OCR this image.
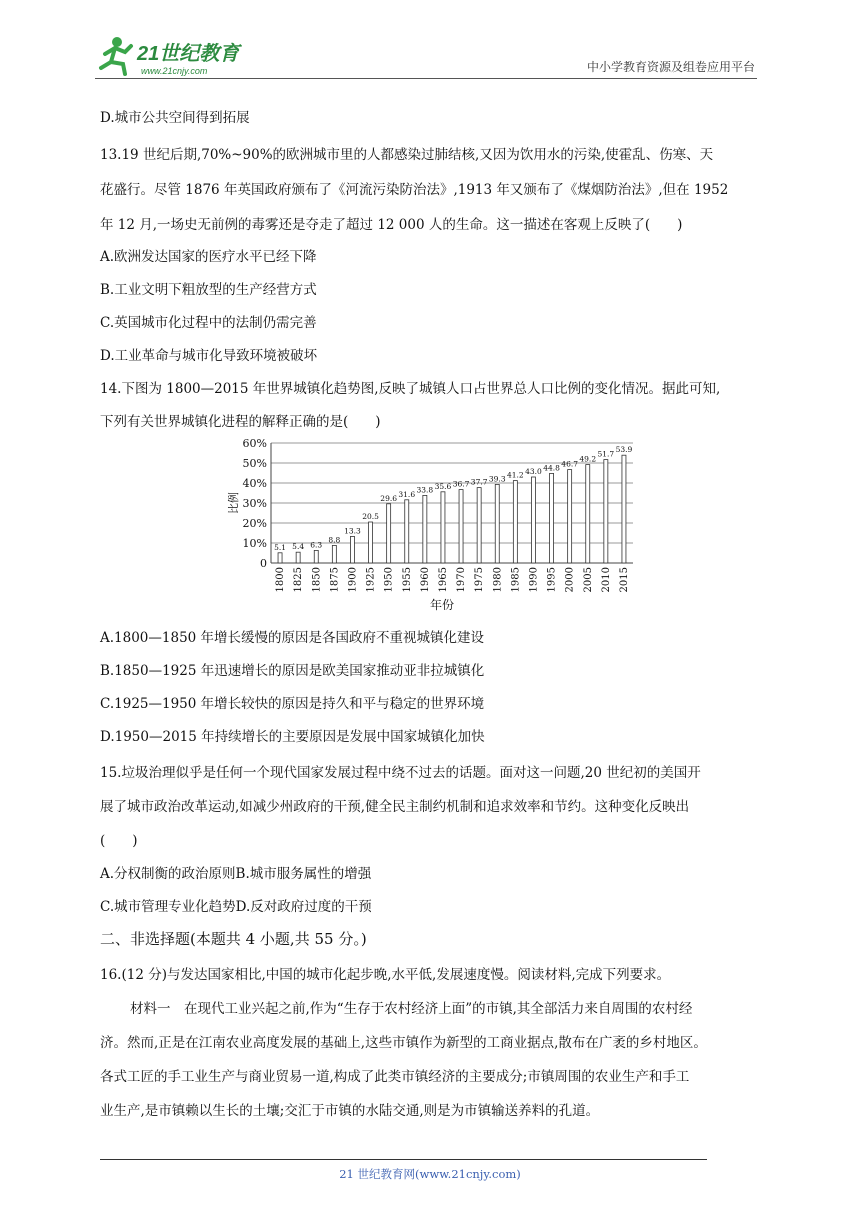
21世纪教育
www.21cnjy.com	中小学教育资源及组卷应用平台
D.城市公共空间得到拓展
13.19 世纪后期,70%~90%的欧洲城市里的人都感染过肺结核,又因为饮用水的污染,使霍乱、伤寒、天
花盛行。尽管 1876 年英国政府颁布了《河流污染防治法》,1913 年又颁布了《煤烟防治法》,但在 1952
年 12 月,一场史无前例的毒雾还是夺走了超过 12 000 人的生命。这一描述在客观上反映了(　　)
A.欧洲发达国家的医疗水平已经下降
B.工业文明下粗放型的生产经营方式
C.英国城市化过程中的法制仍需完善
D.工业革命与城市化导致环境被破坏
14.下图为 1800—2015 年世界城镇化趋势图,反映了城镇人口占世界总人口比例的变化情况。据此可知,
下列有关世界城镇化进程的解释正确的是(　　)
0
10%
20%
30%
40%
50%
60%
比例
5.1
1800
5.4
1825
6.3
1850
8.8
1875
13.3
1900
20.5
1925
29.6
1950
31.6
1955
33.8
1960
35.6
1965
36.7
1970
37.7
1975
39.3
1980
41.2
1985
43.0
1990
44.8
1995
46.7
2000
49.2
2005
51.7
2010
53.9
2015
年份
A.1800—1850 年增长缓慢的原因是各国政府不重视城镇化建设
B.1850—1925 年迅速增长的原因是欧美国家推动亚非拉城镇化
C.1925—1950 年增长较快的原因是持久和平与稳定的世界环境
D.1950—2015 年持续增长的主要原因是发展中国家城镇化加快
15.垃圾治理似乎是任何一个现代国家发展过程中绕不过去的话题。面对这一问题,20 世纪初的美国开
展了城市政治改革运动,如减少州政府的干预,健全民主制约机制和追求效率和节约。这种变化反映出
(　　)
A.分权制衡的政治原则B.城市服务属性的增强
C.城市管理专业化趋势D.反对政府过度的干预
二、非选择题(本题共 4 小题,共 55 分。)
16.(12 分)与发达国家相比,中国的城市化起步晚,水平低,发展速度慢。阅读材料,完成下列要求。
材料一　在现代工业兴起之前,作为“生存于农村经济上面”的市镇,其全部活力来自周围的农村经
济。然而,正是在江南农业高度发展的基础上,这些市镇作为新型的工商业据点,散布在广袤的乡村地区。
各式工匠的手工业生产与商业贸易一道,构成了此类市镇经济的主要成分;市镇周围的农业生产和手工
业生产,是市镇赖以生长的土壤;交汇于市镇的水陆交通,则是为市镇输送养料的孔道。
21 世纪教育网(www.21cnjy.com)
